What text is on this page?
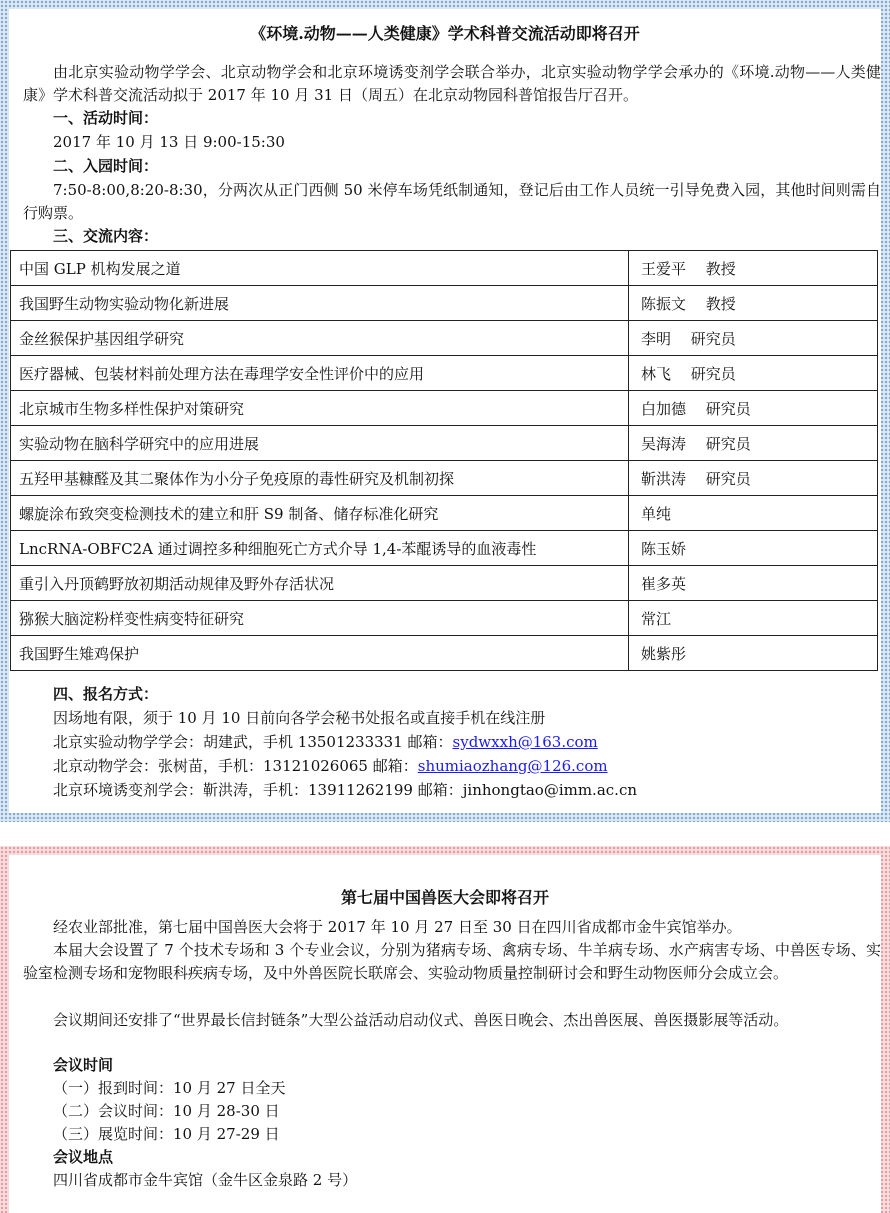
《环境.动物——人类健康》学术科普交流活动即将召开
由北京实验动物学学会、北京动物学会和北京环境诱变剂学会联合举办，北京实验动物学学会承办的《环境.动物——人类健康》学术科普交流活动拟于 2017 年 10 月 31 日（周五）在北京动物园科普馆报告厅召开。
一、活动时间：
2017 年 10 月 13 日 9:00-15:30
二、入园时间：
7:50-8:00,8:20-8:30，分两次从正门西侧 50 米停车场凭纸制通知，登记后由工作人员统一引导免费入园，其他时间则需自行购票。
三、交流内容：
中国 GLP 机构发展之道	王爱平　 教授
我国野生动物实验动物化新进展	陈振文　 教授
金丝猴保护基因组学研究	李明　 研究员
医疗器械、包装材料前处理方法在毒理学安全性评价中的应用	林飞　 研究员
北京城市生物多样性保护对策研究	白加德　 研究员
实验动物在脑科学研究中的应用进展	吴海涛　 研究员
五羟甲基糠醛及其二聚体作为小分子免疫原的毒性研究及机制初探	靳洪涛　 研究员
螺旋涂布致突变检测技术的建立和肝 S9 制备、储存标准化研究	单纯
LncRNA-OBFC2A 通过调控多种细胞死亡方式介导 1,4-苯醌诱导的血液毒性	陈玉娇
重引入丹顶鹤野放初期活动规律及野外存活状况	崔多英
猕猴大脑淀粉样变性病变特征研究	常江
我国野生雉鸡保护	姚紫彤
四、报名方式：
因场地有限，须于 10 月 10 日前向各学会秘书处报名或直接手机在线注册
北京实验动物学学会：胡建武，手机 13501233331 邮箱：sydwxxh@163.com
北京动物学会：张树苗，手机：13121026065 邮箱：shumiaozhang@126.com
北京环境诱变剂学会：靳洪涛，手机：13911262199 邮箱：jinhongtao@imm.ac.cn
第七届中国兽医大会即将召开
经农业部批准，第七届中国兽医大会将于 2017 年 10 月 27 日至 30 日在四川省成都市金牛宾馆举办。
本届大会设置了 7 个技术专场和 3 个专业会议，分别为猪病专场、禽病专场、牛羊病专场、水产病害专场、中兽医专场、实验室检测专场和宠物眼科疾病专场，及中外兽医院长联席会、实验动物质量控制研讨会和野生动物医师分会成立会。
会议期间还安排了“世界最长信封链条”大型公益活动启动仪式、兽医日晚会、杰出兽医展、兽医摄影展等活动。
会议时间
（一）报到时间：10 月 27 日全天
（二）会议时间：10 月 28-30 日
（三）展览时间：10 月 27-29 日
会议地点
四川省成都市金牛宾馆（金牛区金泉路 2 号）
